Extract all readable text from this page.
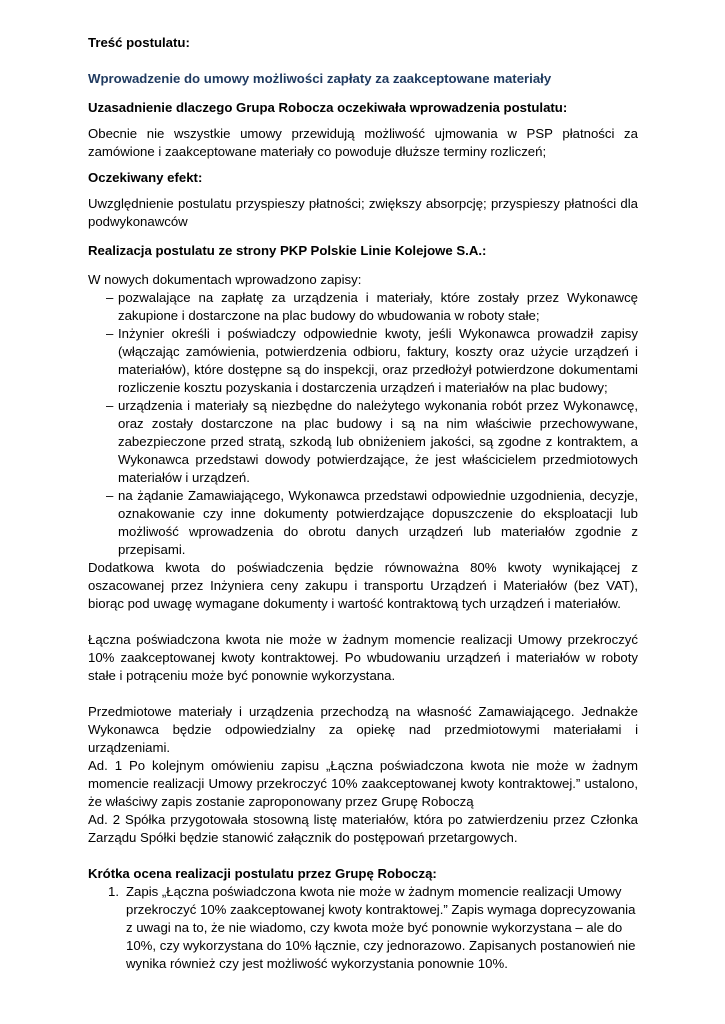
Treść postulatu:

Wprowadzenie do umowy możliwości zapłaty za zaakceptowane materiały

Uzasadnienie dlaczego Grupa Robocza oczekiwała wprowadzenia postulatu:

Obecnie nie wszystkie umowy przewidują możliwość ujmowania w PSP płatności za zamówione i zaakceptowane materiały co powoduje dłuższe terminy rozliczeń;

Oczekiwany efekt:

Uwzględnienie postulatu przyspieszy płatności; zwiększy absorpcję; przyspieszy płatności dla podwykonawców

Realizacja postulatu ze strony PKP Polskie Linie Kolejowe S.A.:

W nowych dokumentach wprowadzono zapisy:

– pozwalające na zapłatę za urządzenia i materiały, które zostały przez Wykonawcę zakupione i dostarczone na plac budowy do wbudowania w roboty stałe;
– Inżynier określi i poświadczy odpowiednie kwoty, jeśli Wykonawca prowadził zapisy (włączając zamówienia, potwierdzenia odbioru, faktury, koszty oraz użycie urządzeń i materiałów), które dostępne są do inspekcji, oraz przedłożył potwierdzone dokumentami rozliczenie kosztu pozyskania i dostarczenia urządzeń i materiałów na plac budowy;
– urządzenia i materiały są niezbędne do należytego wykonania robót przez Wykonawcę, oraz zostały dostarczone na plac budowy i są na nim właściwie przechowywane, zabezpieczone przed stratą, szkodą lub obniżeniem jakości, są zgodne z kontraktem, a Wykonawca przedstawi dowody potwierdzające, że jest właścicielem przedmiotowych materiałów i urządzeń.
– na żądanie Zamawiającego, Wykonawca przedstawi odpowiednie uzgodnienia, decyzje, oznakowanie czy inne dokumenty potwierdzające dopuszczenie do eksploatacji lub możliwość wprowadzenia do obrotu danych urządzeń lub materiałów zgodnie z przepisami.

Dodatkowa kwota do poświadczenia będzie równoważna 80% kwoty wynikającej z oszacowanej przez Inżyniera ceny zakupu i transportu Urządzeń i Materiałów (bez VAT), biorąc pod uwagę wymagane dokumenty i wartość kontraktową tych urządzeń i materiałów.

Łączna poświadczona kwota nie może w żadnym momencie realizacji Umowy przekroczyć 10% zaakceptowanej kwoty kontraktowej. Po wbudowaniu urządzeń i materiałów w roboty stałe i potrąceniu może być ponownie wykorzystana.

Przedmiotowe materiały i urządzenia przechodzą na własność Zamawiającego. Jednakże Wykonawca będzie odpowiedzialny za opiekę nad przedmiotowymi materiałami i urządzeniami.

Ad. 1 Po kolejnym omówieniu zapisu „Łączna poświadczona kwota nie może w żadnym momencie realizacji Umowy przekroczyć 10% zaakceptowanej kwoty kontraktowej.” ustalono, że właściwy zapis zostanie zaproponowany przez Grupę Roboczą

Ad. 2 Spółka przygotowała stosowną listę materiałów, która po zatwierdzeniu przez Członka Zarządu Spółki będzie stanowić załącznik do postępowań przetargowych.

Krótka ocena realizacji postulatu przez Grupę Roboczą:

1. Zapis „Łączna poświadczona kwota nie może w żadnym momencie realizacji Umowy przekroczyć 10% zaakceptowanej kwoty kontraktowej.” Zapis wymaga doprecyzowania z uwagi na to, że nie wiadomo, czy kwota może być ponownie wykorzystana – ale do 10%, czy wykorzystana do 10% łącznie, czy jednorazowo. Zapisanych postanowień nie wynika również czy jest możliwość wykorzystania ponownie 10%.
